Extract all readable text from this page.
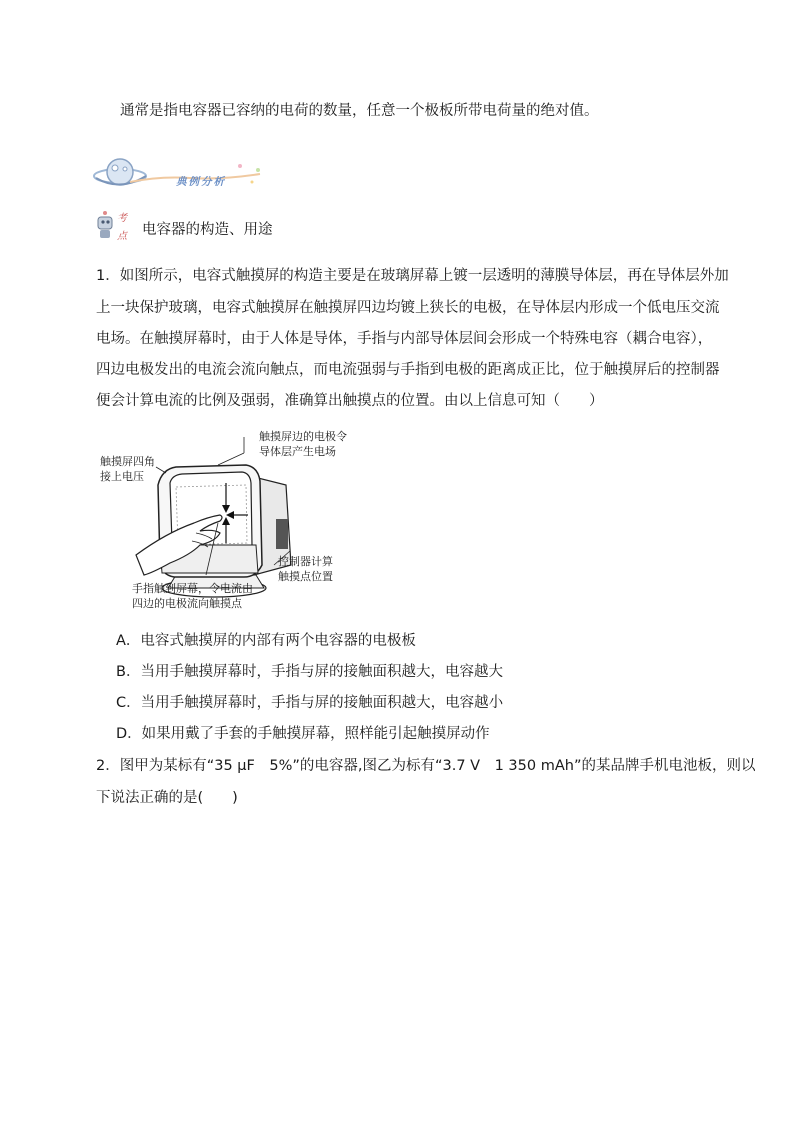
通常是指电容器已容纳的电荷的数量，任意一个极板所带电荷量的绝对值。
典例分析
考
点 电容器的构造、用途
1．如图所示，电容式触摸屏的构造主要是在玻璃屏幕上镀一层透明的薄膜导体层，再在导体层外加
上一块保护玻璃，电容式触摸屏在触摸屏四边均镀上狭长的电极，在导体层内形成一个低电压交流
电场。在触摸屏幕时，由于人体是导体，手指与内部导体层间会形成一个特殊电容（耦合电容），
四边电极发出的电流会流向触点，而电流强弱与手指到电极的距离成正比，位于触摸屏后的控制器
便会计算电流的比例及强弱，准确算出触摸点的位置。由以上信息可知（　　）
触摸屏边的电极令
导体层产生电场
触摸屏四角
接上电压
控制器计算
触摸点位置
手指触到屏幕，令电流由
四边的电极流向触摸点
A．电容式触摸屏的内部有两个电容器的电极板
B．当用手触摸屏幕时，手指与屏的接触面积越大，电容越大
C．当用手触摸屏幕时，手指与屏的接触面积越大，电容越小
D．如果用戴了手套的手触摸屏幕，照样能引起触摸屏动作
2．图甲为某标有“35 μF　5%”的电容器,图乙为标有“3.7 V　1 350 mAh”的某品牌手机电池板，则以
下说法正确的是(　　)
